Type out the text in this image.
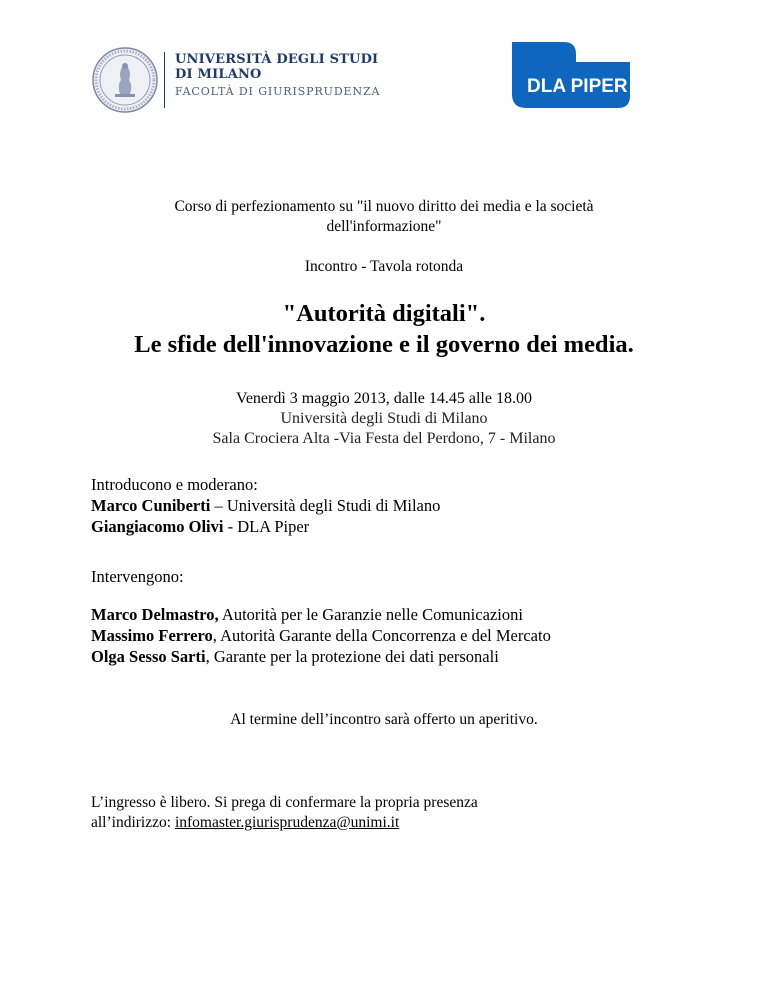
UNIVERSITÀ DEGLI STUDI
DI MILANO
FACOLTÀ DI GIURISPRUDENZA	DLA PIPER
Corso di perfezionamento su "il nuovo diritto dei media e la società
dell'informazione"
Incontro - Tavola rotonda
"Autorità digitali".
Le sfide dell'innovazione e il governo dei media.
Venerdì 3 maggio 2013, dalle 14.45 alle 18.00
Università degli Studi di Milano
Sala Crociera Alta -Via Festa del Perdono, 7 - Milano
Introducono e moderano:
Marco Cuniberti – Università degli Studi di Milano
Giangiacomo Olivi - DLA Piper
Intervengono:
Marco Delmastro, Autorità per le Garanzie nelle Comunicazioni
Massimo Ferrero, Autorità Garante della Concorrenza e del Mercato
Olga Sesso Sarti, Garante per la protezione dei dati personali
Al termine dell’incontro sarà offerto un aperitivo.
L’ingresso è libero. Si prega di confermare la propria presenza
all’indirizzo: infomaster.giurisprudenza@unimi.it
